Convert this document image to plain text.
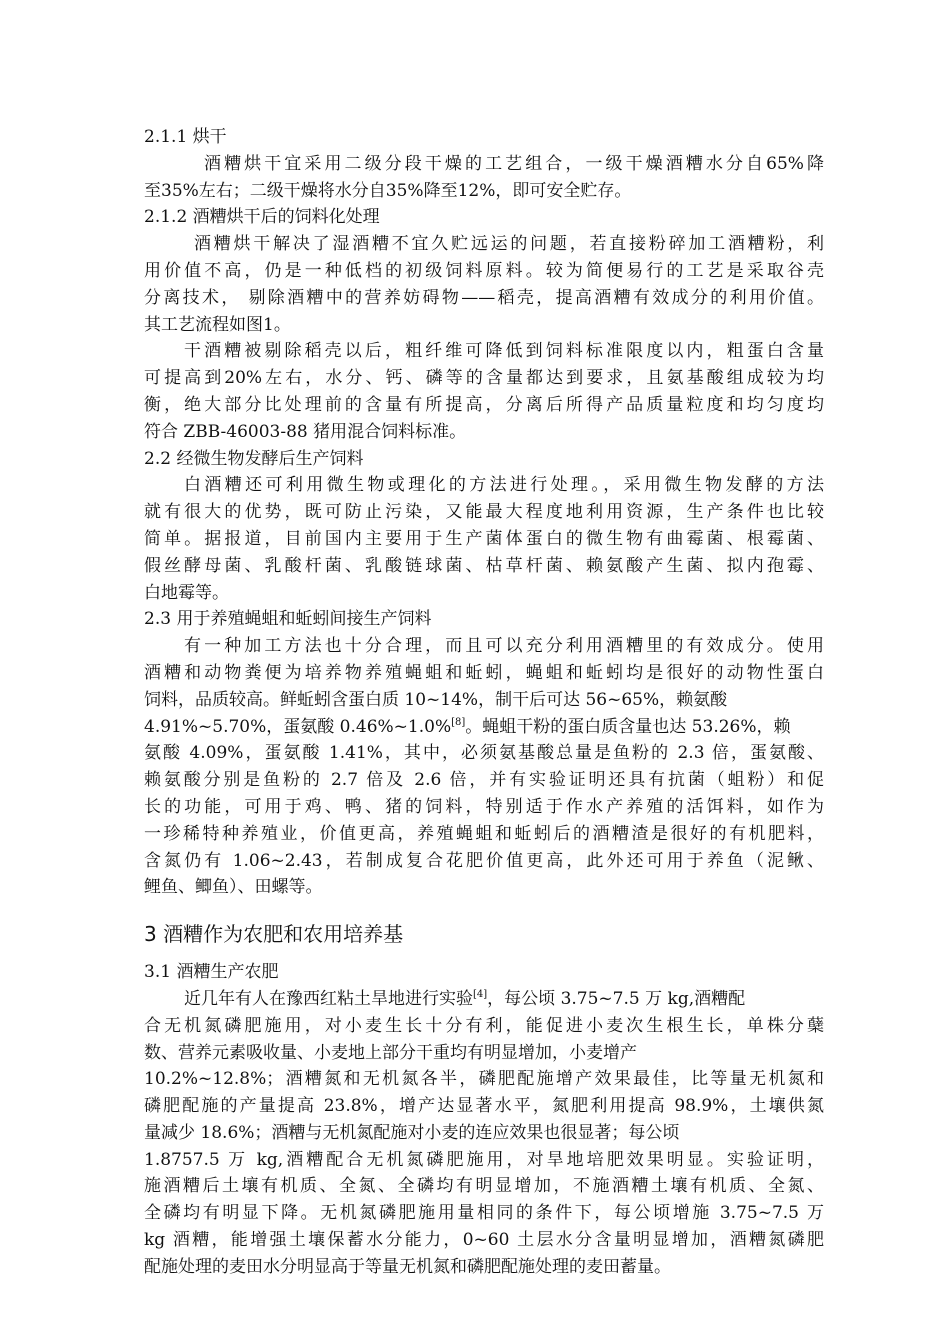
2.1.1 烘干
酒糟烘干宜采用二级分段干燥的工艺组合，一级干燥酒糟水分自65%降
至35%左右；二级干燥将水分自35%降至12%，即可安全贮存。
2.1.2 酒糟烘干后的饲料化处理
酒糟烘干解决了湿酒糟不宜久贮远运的问题，若直接粉碎加工酒糟粉，利
用价值不高，仍是一种低档的初级饲料原料。较为简便易行的工艺是采取谷壳
分离技术， 剔除酒糟中的营养妨碍物——稻壳，提高酒糟有效成分的利用价值。
其工艺流程如图1。
干酒糟被剔除稻壳以后，粗纤维可降低到饲料标准限度以内，粗蛋白含量
可提高到20%左右，水分、钙、磷等的含量都达到要求，且氨基酸组成较为均
衡，绝大部分比处理前的含量有所提高，分离后所得产品质量粒度和均匀度均
符合 ZBB-46003-88 猪用混合饲料标准。
2.2 经微生物发酵后生产饲料
白酒糟还可利用微生物或理化的方法进行处理。，采用微生物发酵的方法
就有很大的优势，既可防止污染，又能最大程度地利用资源，生产条件也比较
简单。据报道，目前国内主要用于生产菌体蛋白的微生物有曲霉菌、根霉菌、
假丝酵母菌、乳酸杆菌、乳酸链球菌、枯草杆菌、赖氨酸产生菌、拟内孢霉、
白地霉等。
2.3 用于养殖蝇蛆和蚯蚓间接生产饲料
有一种加工方法也十分合理，而且可以充分利用酒糟里的有效成分。使用
酒糟和动物粪便为培养物养殖蝇蛆和蚯蚓，蝇蛆和蚯蚓均是很好的动物性蛋白
饲料，品质较高。鲜蚯蚓含蛋白质 10~14%，制干后可达 56~65%，赖氨酸
4.91%~5.70%，蛋氨酸 0.46%~1.0%[8]。蝇蛆干粉的蛋白质含量也达 53.26%，赖
氨酸 4.09%，蛋氨酸 1.41%，其中，必须氨基酸总量是鱼粉的 2.3 倍，蛋氨酸、
赖氨酸分别是鱼粉的 2.7 倍及 2.6 倍，并有实验证明还具有抗菌（蛆粉）和促
长的功能，可用于鸡、鸭、猪的饲料，特别适于作水产养殖的活饵料，如作为
一珍稀特种养殖业，价值更高，养殖蝇蛆和蚯蚓后的酒糟渣是很好的有机肥料，
含氮仍有 1.06~2.43，若制成复合花肥价值更高，此外还可用于养鱼（泥鳅、
鲤鱼、鲫鱼）、田螺等。
3 酒糟作为农肥和农用培养基
3.1 酒糟生产农肥
近几年有人在豫西红粘土旱地进行实验[4]，每公顷 3.75~7.5 万 kg,酒糟配
合无机氮磷肥施用，对小麦生长十分有利，能促进小麦次生根生长，单株分蘖
数、营养元素吸收量、小麦地上部分干重均有明显增加，小麦增产
10.2%~12.8%；酒糟氮和无机氮各半，磷肥配施增产效果最佳，比等量无机氮和
磷肥配施的产量提高 23.8%，增产达显著水平，氮肥利用提高 98.9%，土壤供氮
量减少 18.6%；酒糟与无机氮配施对小麦的连应效果也很显著；每公顷
1.8757.5 万 kg,酒糟配合无机氮磷肥施用，对旱地培肥效果明显。实验证明，
施酒糟后土壤有机质、全氮、全磷均有明显增加，不施酒糟土壤有机质、全氮、
全磷均有明显下降。无机氮磷肥施用量相同的条件下，每公顷增施 3.75~7.5 万
kg 酒糟，能增强土壤保蓄水分能力，0~60 土层水分含量明显增加，酒糟氮磷肥
配施处理的麦田水分明显高于等量无机氮和磷肥配施处理的麦田蓄量。
